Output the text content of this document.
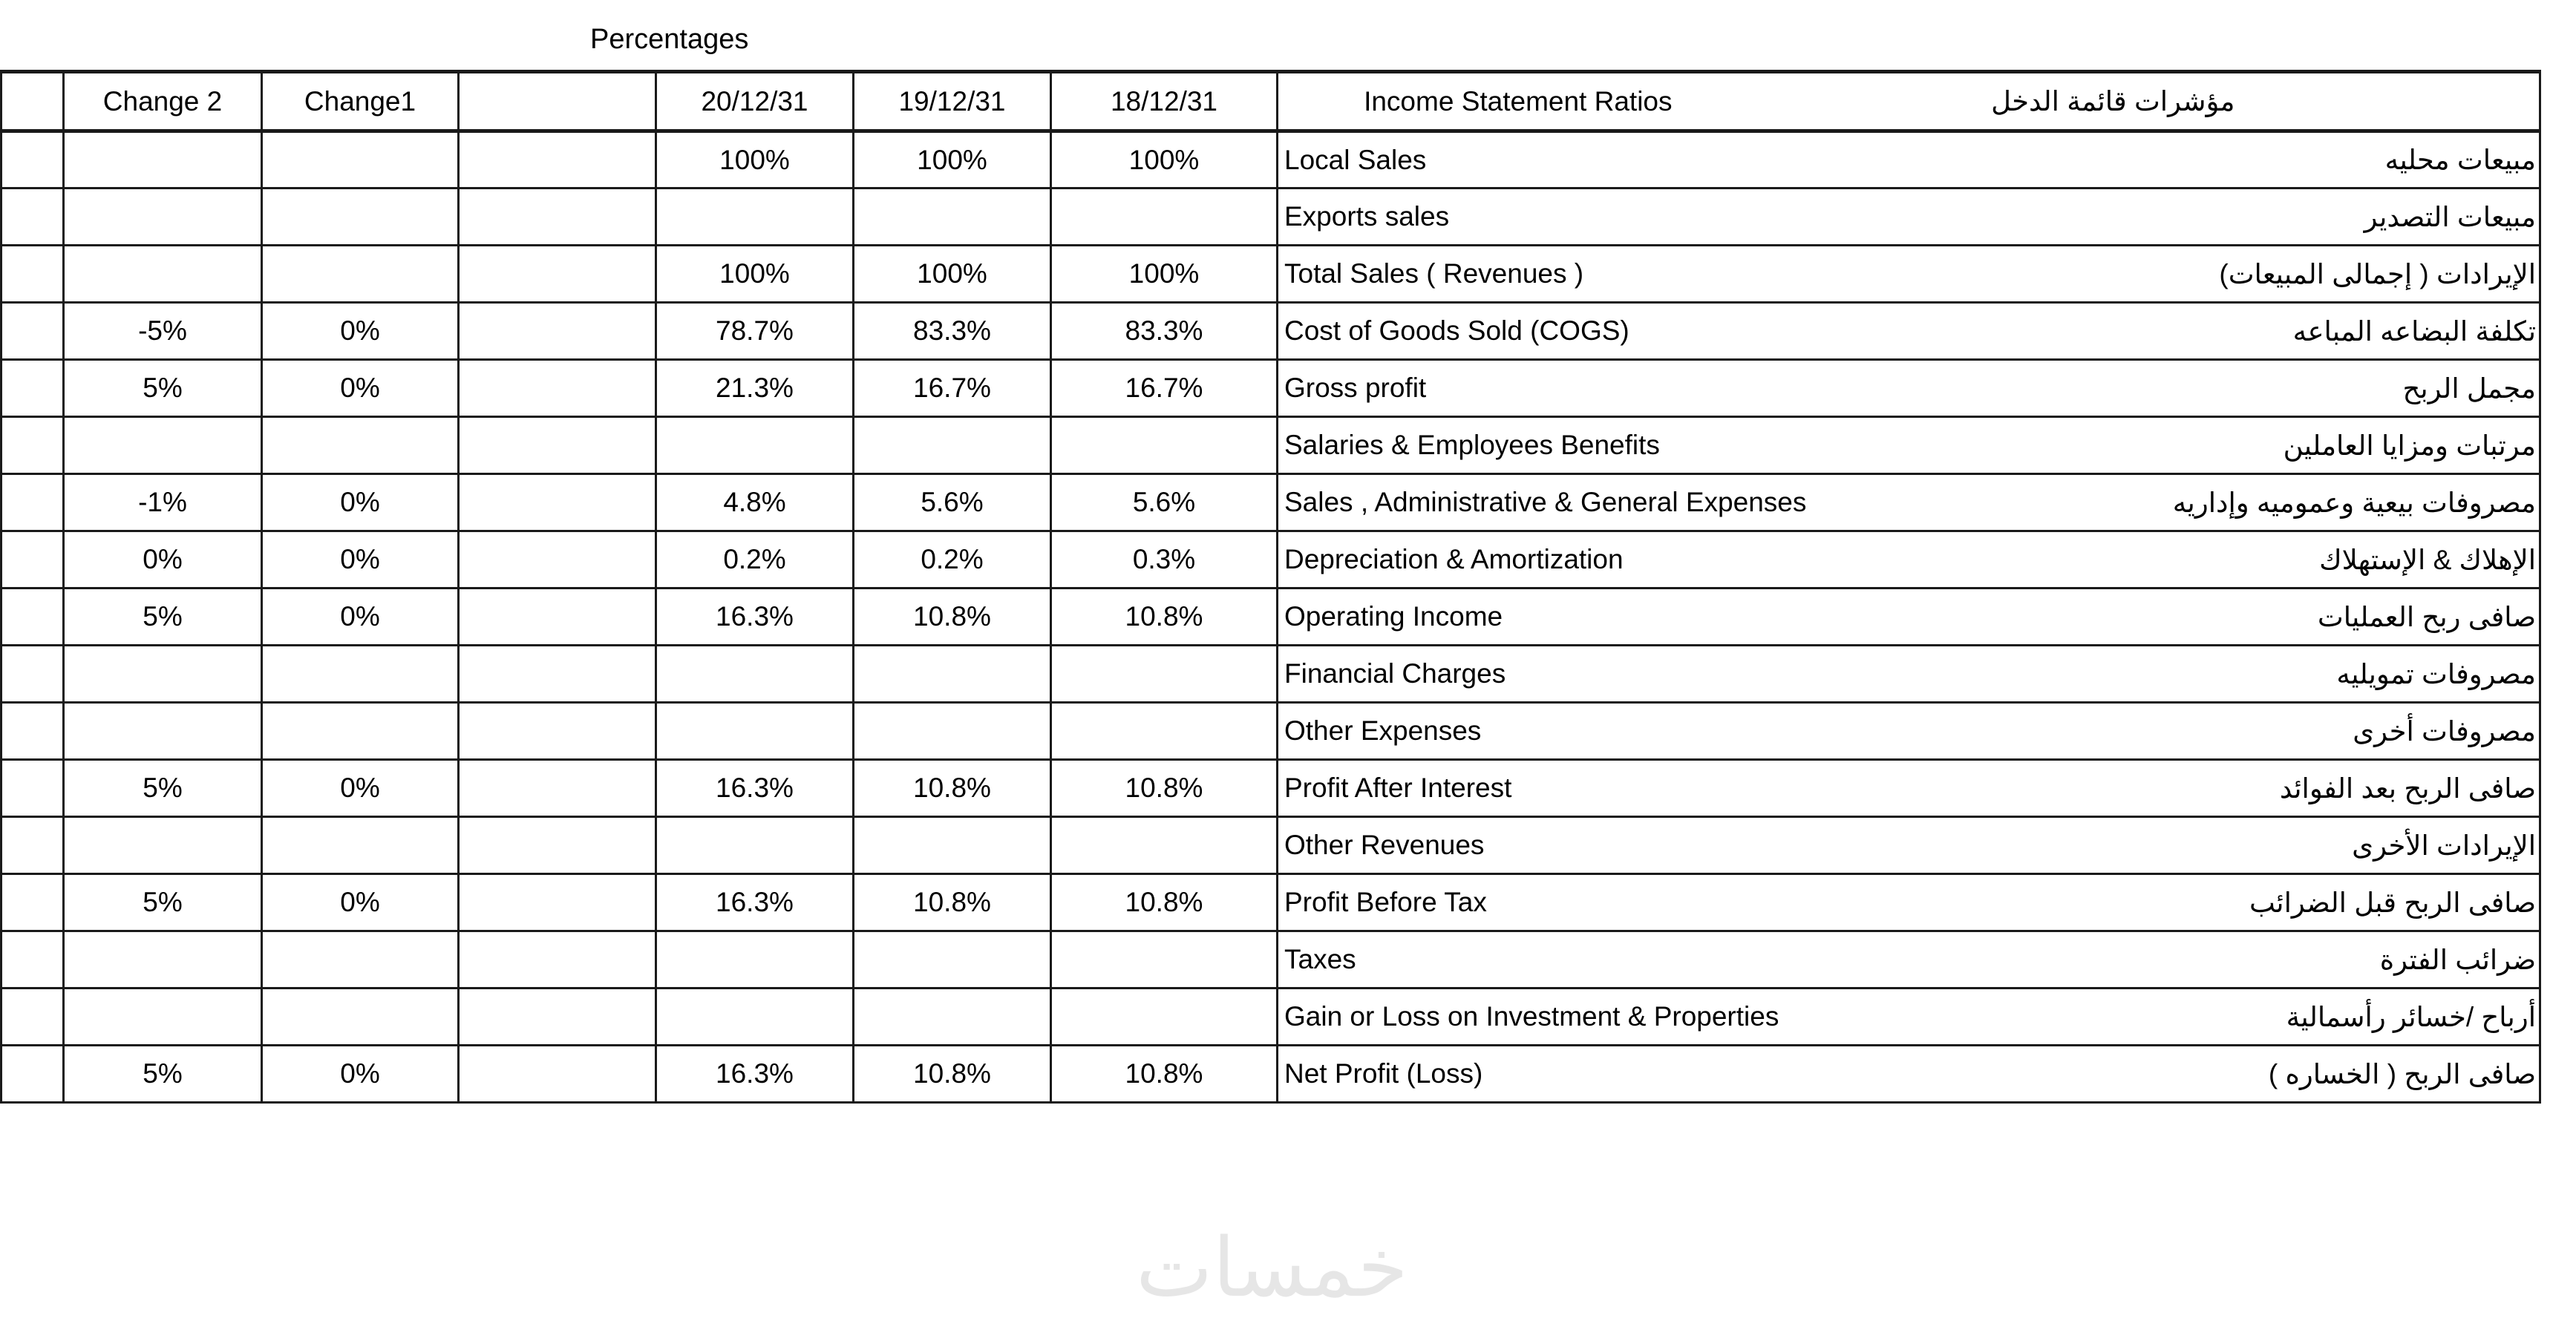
Percentages
	Change 2	Change1		20/12/31	19/12/31	18/12/31	Income Statement Ratios	مؤشرات قائمة الدخل
				100%	100%	100%	Local Sales	مبيعات محليه
							Exports sales	مبيعات التصدير
				100%	100%	100%	Total Sales ( Revenues )	الإيرادات ( إجمالى المبيعات)
	-5%	0%		78.7%	83.3%	83.3%	Cost of Goods Sold (COGS)	تكلفة البضاعه المباعه
	5%	0%		21.3%	16.7%	16.7%	Gross profit	مجمل الربح
							Salaries & Employees Benefits	مرتبات ومزايا العاملين
	-1%	0%		4.8%	5.6%	5.6%	Sales , Administrative & General Expenses	مصروفات بيعية وعموميه وإداريه
	0%	0%		0.2%	0.2%	0.3%	Depreciation & Amortization	الإهلاك & الإستهلاك
	5%	0%		16.3%	10.8%	10.8%	Operating Income	صافى ربح العمليات
							Financial Charges	مصروفات تمويليه
							Other Expenses	مصروفات أخرى
	5%	0%		16.3%	10.8%	10.8%	Profit After Interest	صافى الربح بعد الفوائد
							Other Revenues	الإيرادات الأخرى
	5%	0%		16.3%	10.8%	10.8%	Profit Before Tax	صافى الربح قبل الضرائب
							Taxes	ضرائب الفترة
							Gain or Loss on Investment & Properties	أرباح /خسائر رأسمالية
	5%	0%		16.3%	10.8%	10.8%	Net Profit (Loss)	صافى الربح ( الخساره )
خمسات
